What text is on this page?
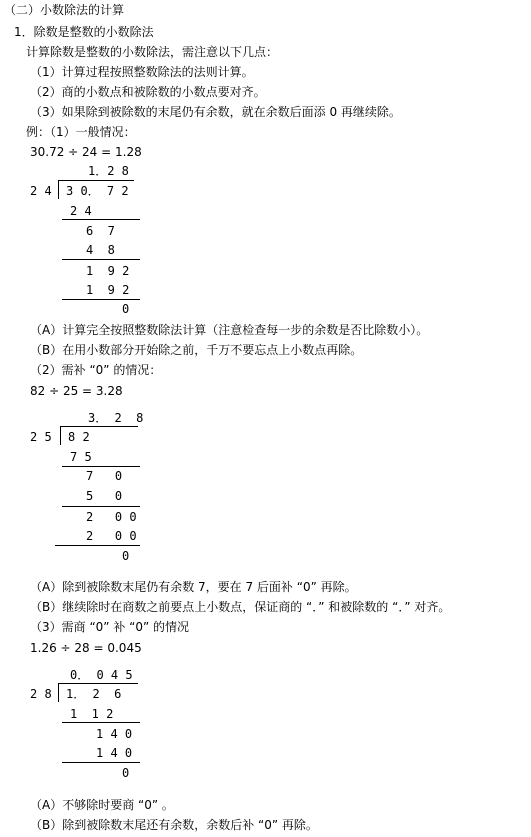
（二）小数除法的计算
1．除数是整数的小数除法
计算除数是整数的小数除法，需注意以下几点：
（1）计算过程按照整数除法的法则计算。
（2）商的小数点和被除数的小数点要对齐。
（3）如果除到被除数的末尾仍有余数，就在余数后面添 0 再继续除。
例：（1）一般情况：
30.72 ÷ 24 = 1.28
1．2 8
2 4 3 0． 7 2
2 4
6  7
4  8
1  9 2
1  9 2
0
（A）计算完全按照整数除法计算（注意检查每一步的余数是否比除数小）。
（B）在用小数部分开始除之前，千万不要忘点上小数点再除。
（2）需补 “0” 的情况：
82 ÷ 25 = 3.28
3． 2  8
2 5 8 2
7 5
7   0
5   0
2   0 0
2   0 0
0
（A）除到被除数末尾仍有余数 7，要在 7 后面补 “0” 再除。
（B）继续除时在商数之前要点上小数点，保证商的 “．” 和被除数的 “．” 对齐。
（3）需商 “0” 补 “0” 的情况
1.26 ÷ 28 = 0.045
0． 0 4 5
2 8 1． 2  6
1  1 2
1 4 0
1 4 0
0
（A）不够除时要商 “0” 。
（B）除到被除数末尾还有余数，余数后补 “0” 再除。
